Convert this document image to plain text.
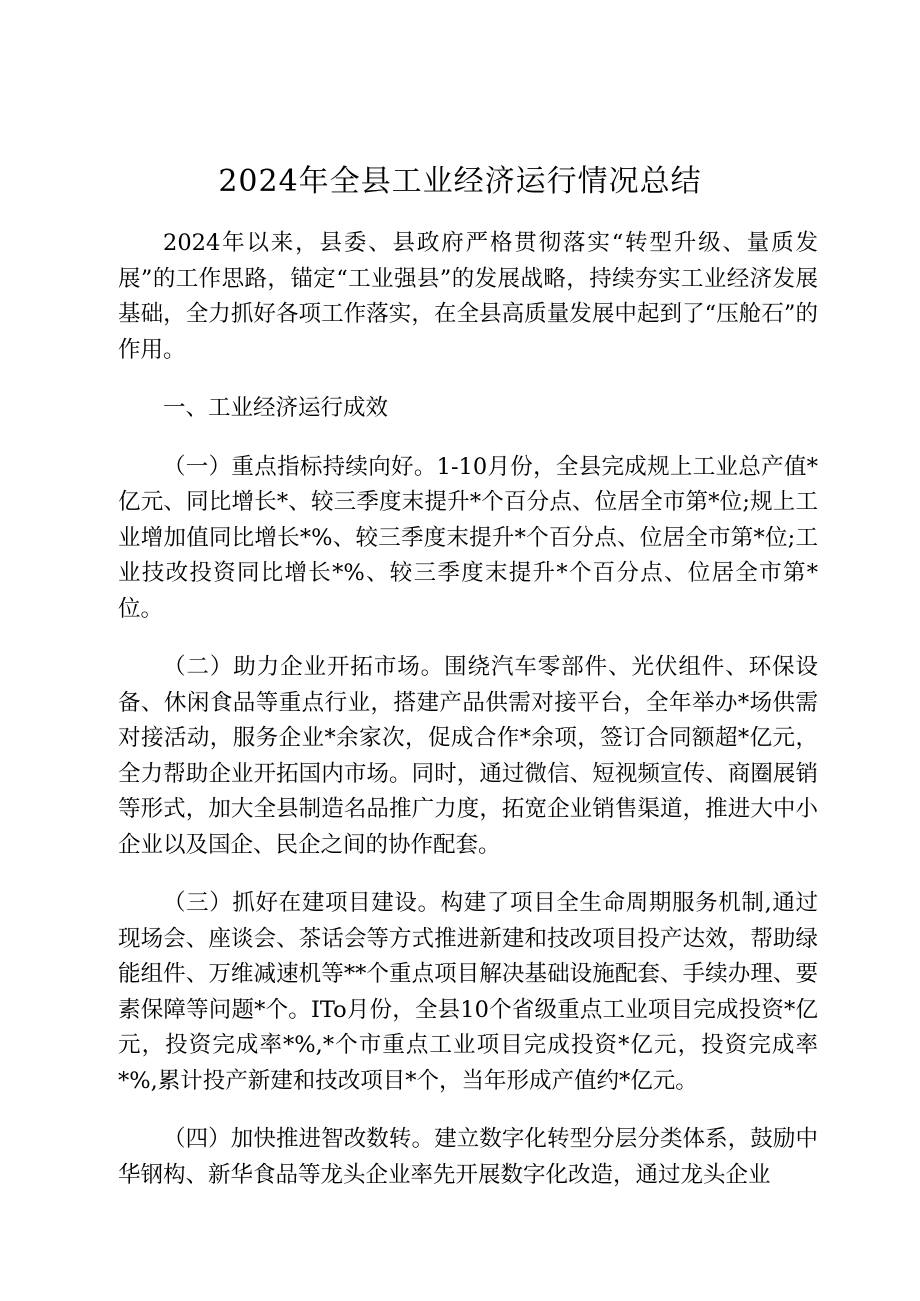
2024年全县工业经济运行情况总结

2024年以来，县委、县政府严格贯彻落实“转型升级、量质发展”的工作思路，锚定“工业强县”的发展战略，持续夯实工业经济发展基础，全力抓好各项工作落实，在全县高质量发展中起到了“压舱石”的作用。

一、工业经济运行成效

（一）重点指标持续向好。1-10月份，全县完成规上工业总产值*亿元、同比增长*、较三季度末提升*个百分点、位居全市第*位;规上工业增加值同比增长*%、较三季度末提升*个百分点、位居全市第*位;工业技改投资同比增长*%、较三季度末提升*个百分点、位居全市第*位。

（二）助力企业开拓市场。围绕汽车零部件、光伏组件、环保设备、休闲食品等重点行业，搭建产品供需对接平台，全年举办*场供需对接活动，服务企业*余家次，促成合作*余项，签订合同额超*亿元，全力帮助企业开拓国内市场。同时，通过微信、短视频宣传、商圈展销等形式，加大全县制造名品推广力度，拓宽企业销售渠道，推进大中小企业以及国企、民企之间的协作配套。

（三）抓好在建项目建设。构建了项目全生命周期服务机制,通过现场会、座谈会、茶话会等方式推进新建和技改项目投产达效，帮助绿能组件、万维减速机等**个重点项目解决基础设施配套、手续办理、要素保障等问题*个。ITo月份，全县10个省级重点工业项目完成投资*亿元，投资完成率*%,*个市重点工业项目完成投资*亿元，投资完成率*%,累计投产新建和技改项目*个，当年形成产值约*亿元。

（四）加快推进智改数转。建立数字化转型分层分类体系，鼓励中华钢构、新华食品等龙头企业率先开展数字化改造，通过龙头企业
